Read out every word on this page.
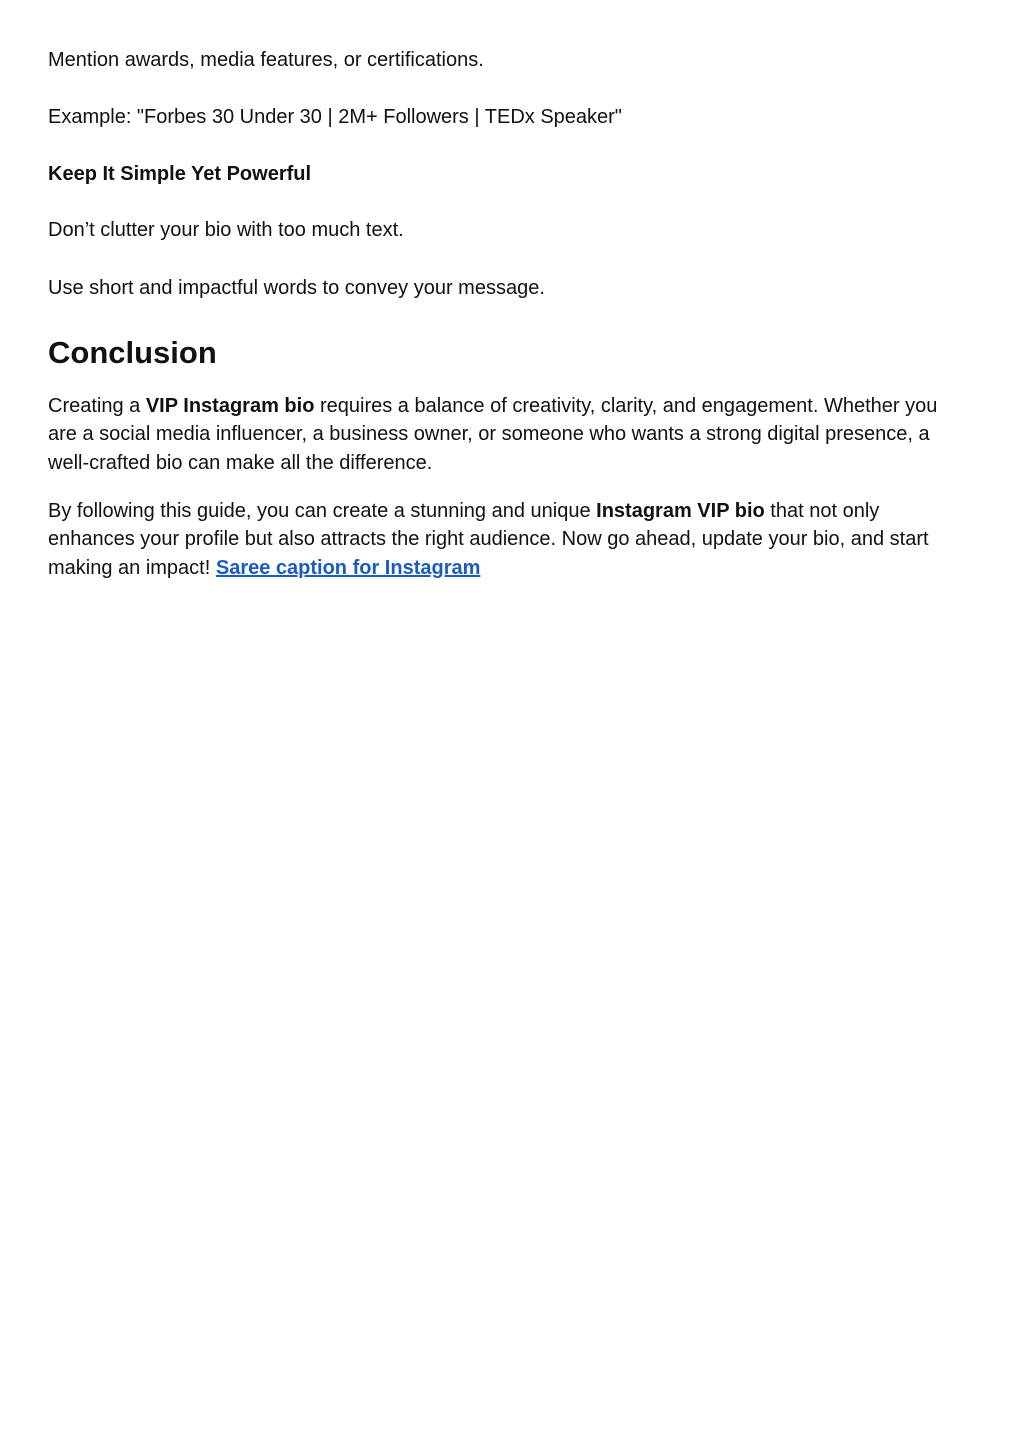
Mention awards, media features, or certifications.

Example: "Forbes 30 Under 30 | 2M+ Followers | TEDx Speaker"

Keep It Simple Yet Powerful

Don’t clutter your bio with too much text.

Use short and impactful words to convey your message.

Conclusion

Creating a VIP Instagram bio requires a balance of creativity, clarity, and engagement. Whether you are a social media influencer, a business owner, or someone who wants a strong digital presence, a well-crafted bio can make all the difference.

By following this guide, you can create a stunning and unique Instagram VIP bio that not only enhances your profile but also attracts the right audience. Now go ahead, update your bio, and start making an impact! Saree caption for Instagram
